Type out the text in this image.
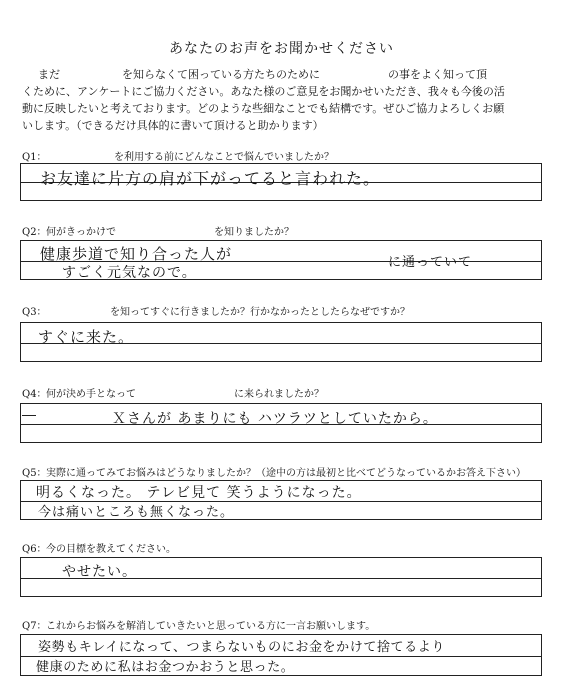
あなたのお声をお聞かせください
まだ	を知らなくて困っている方たちのために	の事をよく知って頂
くために、アンケートにご協力ください。あなた様のご意見をお聞かせいただき、我々も今後の活
動に反映したいと考えております。どのような些細なことでも結構です。ぜひご協力よろしくお願
いします。（できるだけ具体的に書いて頂けると助かります）
Q1：	を利用する前にどんなことで悩んでいましたか？
お友達に片方の肩が下がってると言われた。
Q2：何がきっかけで	を知りましたか？
健康歩道で知り合った人が
すごく元気なので。
に通っていて
Q3：	を知ってすぐに行きましたか？行かなかったとしたらなぜですか？
すぐに来た。
Q4：何が決め手となって	に来られましたか？
Ｘさんが あまりにも ハツラツとしていたから。
Q5：実際に通ってみてお悩みはどうなりましたか？（途中の方は最初と比べてどうなっているかお答え下さい）
明るくなった。 テレビ見て 笑うようになった。
今は痛いところも無くなった。
Q6：今の目標を教えてください。
やせたい。
Q7：これからお悩みを解消していきたいと思っている方に一言お願いします。
姿勢もキレイになって、つまらないものにお金をかけて捨てるより
健康のために私はお金つかおうと思った。
